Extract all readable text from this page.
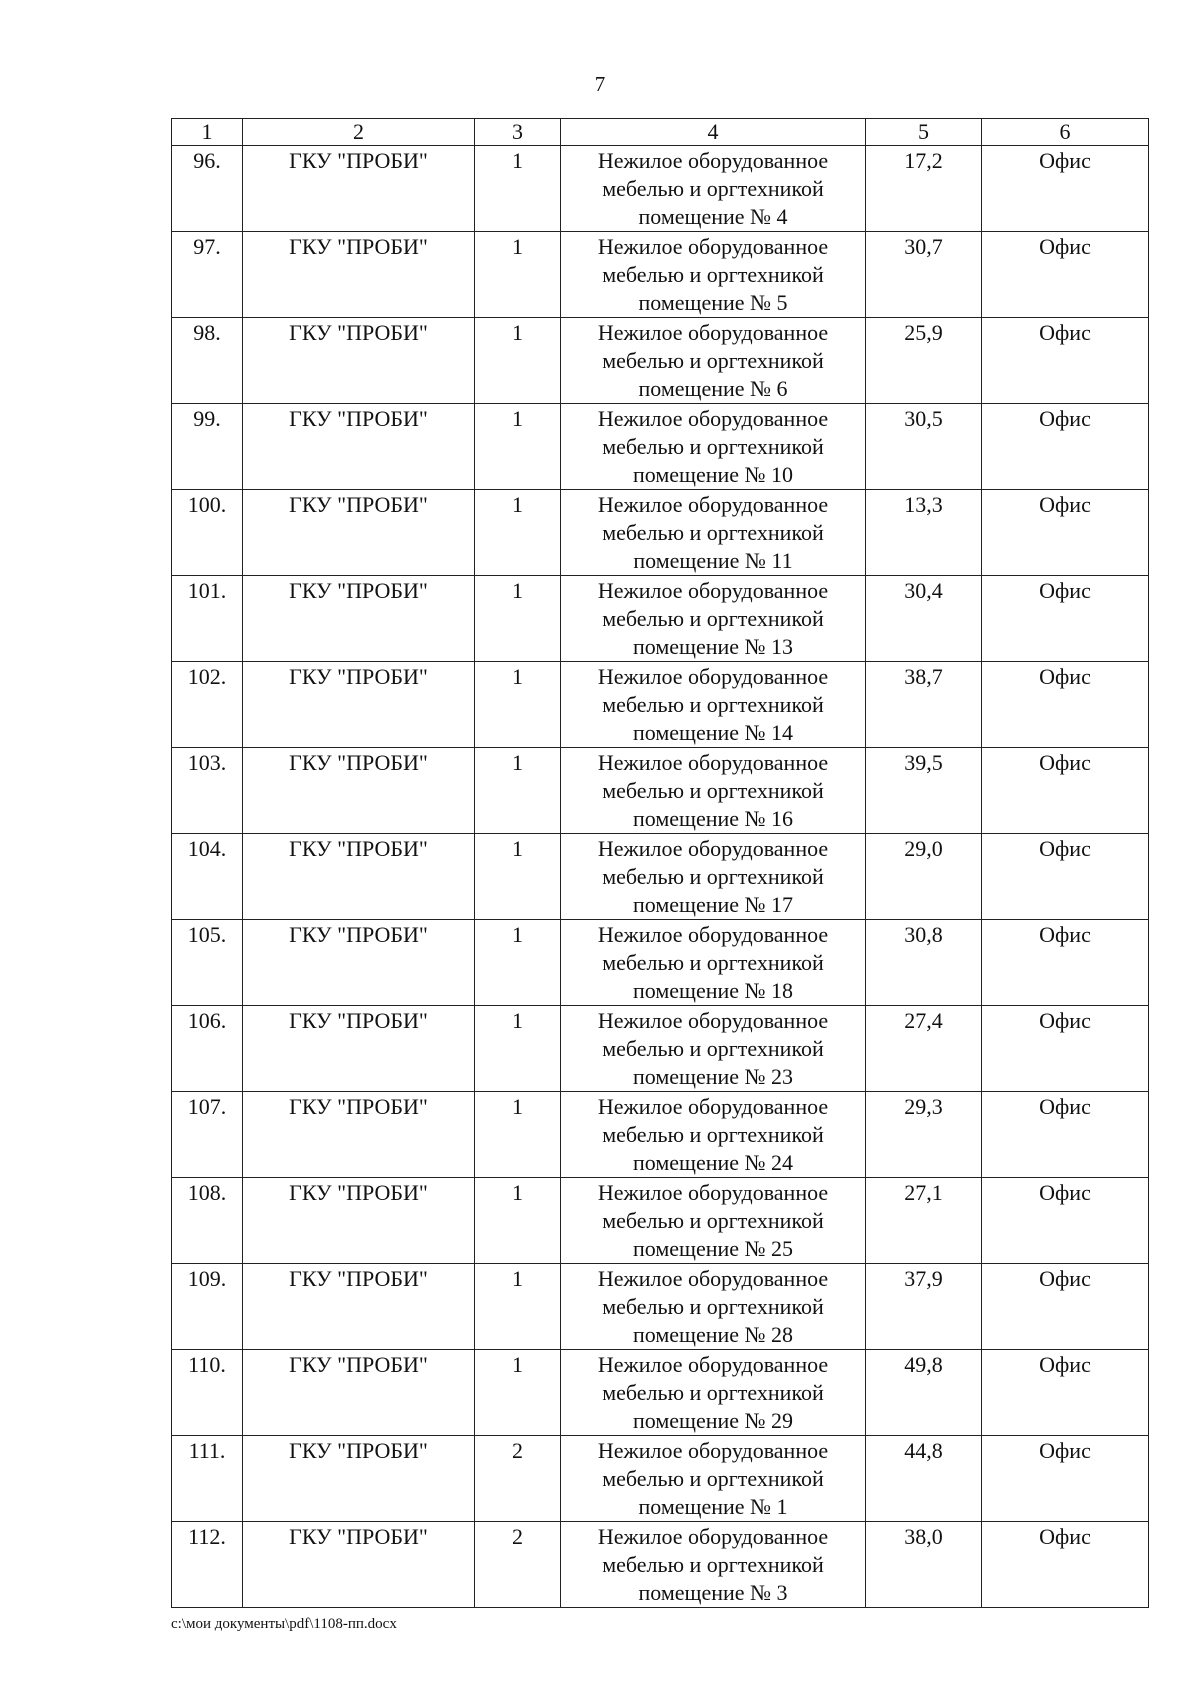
7
1	2	3	4	5	6
96.	ГКУ "ПРОБИ"	1	Нежилое оборудованное
мебелью и оргтехникой
помещение № 4	17,2	Офис
97.	ГКУ "ПРОБИ"	1	Нежилое оборудованное
мебелью и оргтехникой
помещение № 5	30,7	Офис
98.	ГКУ "ПРОБИ"	1	Нежилое оборудованное
мебелью и оргтехникой
помещение № 6	25,9	Офис
99.	ГКУ "ПРОБИ"	1	Нежилое оборудованное
мебелью и оргтехникой
помещение № 10	30,5	Офис
100.	ГКУ "ПРОБИ"	1	Нежилое оборудованное
мебелью и оргтехникой
помещение № 11	13,3	Офис
101.	ГКУ "ПРОБИ"	1	Нежилое оборудованное
мебелью и оргтехникой
помещение № 13	30,4	Офис
102.	ГКУ "ПРОБИ"	1	Нежилое оборудованное
мебелью и оргтехникой
помещение № 14	38,7	Офис
103.	ГКУ "ПРОБИ"	1	Нежилое оборудованное
мебелью и оргтехникой
помещение № 16	39,5	Офис
104.	ГКУ "ПРОБИ"	1	Нежилое оборудованное
мебелью и оргтехникой
помещение № 17	29,0	Офис
105.	ГКУ "ПРОБИ"	1	Нежилое оборудованное
мебелью и оргтехникой
помещение № 18	30,8	Офис
106.	ГКУ "ПРОБИ"	1	Нежилое оборудованное
мебелью и оргтехникой
помещение № 23	27,4	Офис
107.	ГКУ "ПРОБИ"	1	Нежилое оборудованное
мебелью и оргтехникой
помещение № 24	29,3	Офис
108.	ГКУ "ПРОБИ"	1	Нежилое оборудованное
мебелью и оргтехникой
помещение № 25	27,1	Офис
109.	ГКУ "ПРОБИ"	1	Нежилое оборудованное
мебелью и оргтехникой
помещение № 28	37,9	Офис
110.	ГКУ "ПРОБИ"	1	Нежилое оборудованное
мебелью и оргтехникой
помещение № 29	49,8	Офис
111.	ГКУ "ПРОБИ"	2	Нежилое оборудованное
мебелью и оргтехникой
помещение № 1	44,8	Офис
112.	ГКУ "ПРОБИ"	2	Нежилое оборудованное
мебелью и оргтехникой
помещение № 3	38,0	Офис
c:\мои документы\pdf\1108-пп.docx
